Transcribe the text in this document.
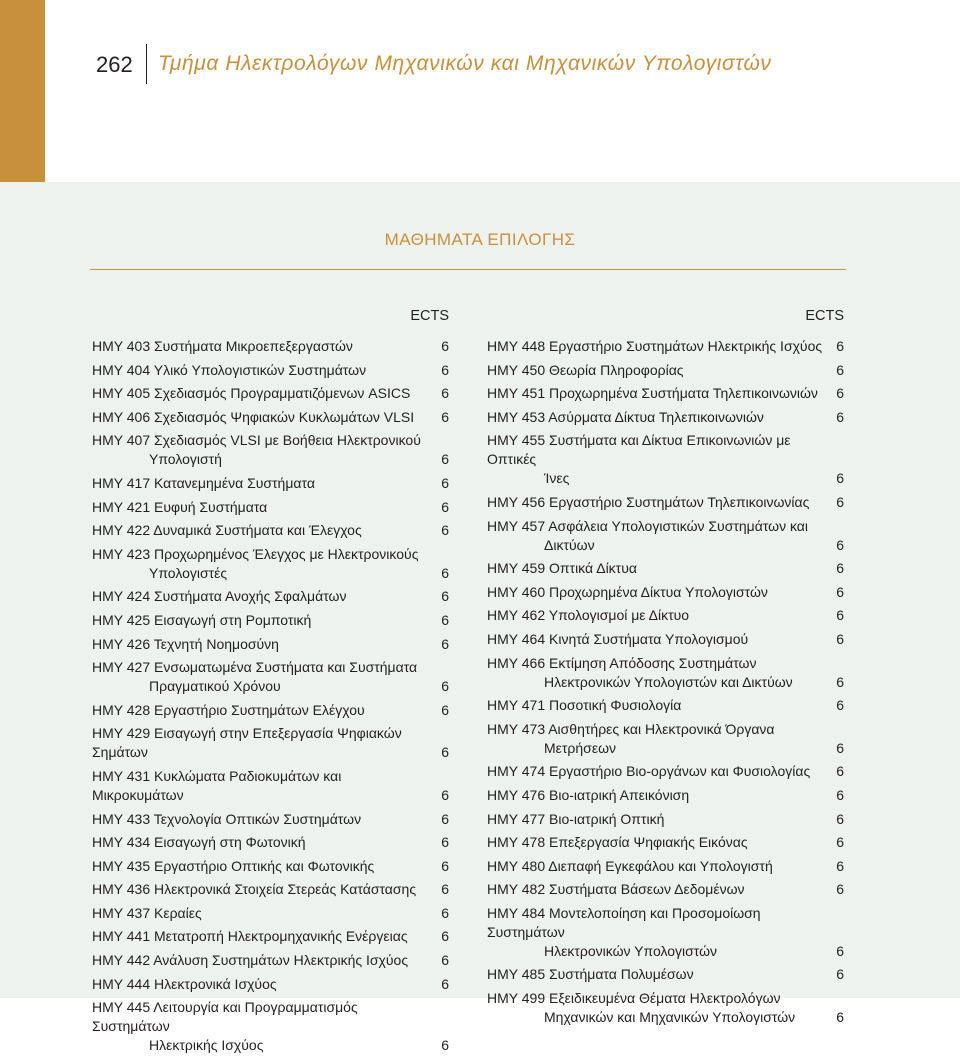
262 Τμήμα Ηλεκτρολόγων Μηχανικών και Μηχανικών Υπολογιστών
ΜΑΘΗΜΑΤΑ ΕΠΙΛΟΓΗΣ
ECTS
ΗΜΥ 403 Συστήματα Μικροεπεξεργαστών	6
ΗΜΥ 404 Υλικό Υπολογιστικών Συστημάτων	6
ΗΜΥ 405 Σχεδιασμός Προγραμματιζόμενων ASICS	6
ΗΜΥ 406 Σχεδιασμός Ψηφιακών Κυκλωμάτων VLSI	6
ΗΜΥ 407 Σχεδιασμός VLSI με Βοήθεια Ηλεκτρονικού
Υπολογιστή	6
ΗΜΥ 417 Κατανεμημένα Συστήματα	6
ΗΜΥ 421 Ευφυή Συστήματα	6
ΗΜΥ 422 Δυναμικά Συστήματα και Έλεγχος	6
ΗΜΥ 423 Προχωρημένος Έλεγχος με Ηλεκτρονικούς
Υπολογιστές	6
ΗΜΥ 424 Συστήματα Ανοχής Σφαλμάτων	6
ΗΜΥ 425 Εισαγωγή στη Ρομποτική	6
ΗΜΥ 426 Τεχνητή Νοημοσύνη	6
ΗΜΥ 427 Ενσωματωμένα Συστήματα και Συστήματα
Πραγματικού Χρόνου	6
ΗΜΥ 428 Εργαστήριο Συστημάτων Ελέγχου	6
ΗΜΥ 429 Εισαγωγή στην Επεξεργασία Ψηφιακών Σημάτων	6
ΗΜΥ 431 Κυκλώματα Ραδιοκυμάτων και Μικροκυμάτων	6
ΗΜΥ 433 Τεχνολογία Οπτικών Συστημάτων	6
ΗΜΥ 434 Εισαγωγή στη Φωτονική	6
ΗΜΥ 435 Εργαστήριο Οπτικής και Φωτονικής	6
ΗΜΥ 436 Ηλεκτρονικά Στοιχεία Στερεάς Κατάστασης	6
ΗΜΥ 437 Κεραίες	6
ΗΜΥ 441 Μετατροπή Ηλεκτρομηχανικής Ενέργειας	6
ΗΜΥ 442 Ανάλυση Συστημάτων Ηλεκτρικής Ισχύος	6
ΗΜΥ 444 Ηλεκτρονικά Ισχύος	6
ΗΜΥ 445 Λειτουργία και Προγραμματισμός Συστημάτων
Ηλεκτρικής Ισχύος	6
ECTS
ΗΜΥ 448 Εργαστήριο Συστημάτων Ηλεκτρικής Ισχύος	6
ΗΜΥ 450 Θεωρία Πληροφορίας	6
ΗΜΥ 451 Προχωρημένα Συστήματα Τηλεπικοινωνιών	6
ΗΜΥ 453 Ασύρματα Δίκτυα Τηλεπικοινωνιών	6
ΗΜΥ 455 Συστήματα και Δίκτυα Επικοινωνιών με Οπτικές
Ίνες	6
ΗΜΥ 456 Εργαστήριο Συστημάτων Τηλεπικοινωνίας	6
ΗΜΥ 457 Ασφάλεια Υπολογιστικών Συστημάτων και
Δικτύων	6
ΗΜΥ 459 Οπτικά Δίκτυα	6
ΗΜΥ 460 Προχωρημένα Δίκτυα Υπολογιστών	6
ΗΜΥ 462 Υπολογισμοί με Δίκτυο	6
ΗΜΥ 464 Κινητά Συστήματα Υπολογισμού	6
ΗΜΥ 466 Εκτίμηση Απόδοσης Συστημάτων
Ηλεκτρονικών Υπολογιστών και Δικτύων	6
ΗΜΥ 471 Ποσοτική Φυσιολογία	6
ΗΜΥ 473 Αισθητήρες και Ηλεκτρονικά Όργανα
Μετρήσεων	6
ΗΜΥ 474 Εργαστήριο Βιο-οργάνων και Φυσιολογίας	6
ΗΜΥ 476 Βιο-ιατρική Απεικόνιση	6
ΗΜΥ 477 Βιο-ιατρική Οπτική	6
ΗΜΥ 478 Επεξεργασία Ψηφιακής Εικόνας	6
ΗΜΥ 480 Διεπαφή Εγκεφάλου και Υπολογιστή	6
ΗΜΥ 482 Συστήματα Βάσεων Δεδομένων	6
ΗΜΥ 484 Μοντελοποίηση και Προσομοίωση Συστημάτων
Ηλεκτρονικών Υπολογιστών	6
ΗΜΥ 485 Συστήματα Πολυμέσων	6
ΗΜΥ 499 Εξειδικευμένα Θέματα Ηλεκτρολόγων
Μηχανικών και Μηχανικών Υπολογιστών	6
